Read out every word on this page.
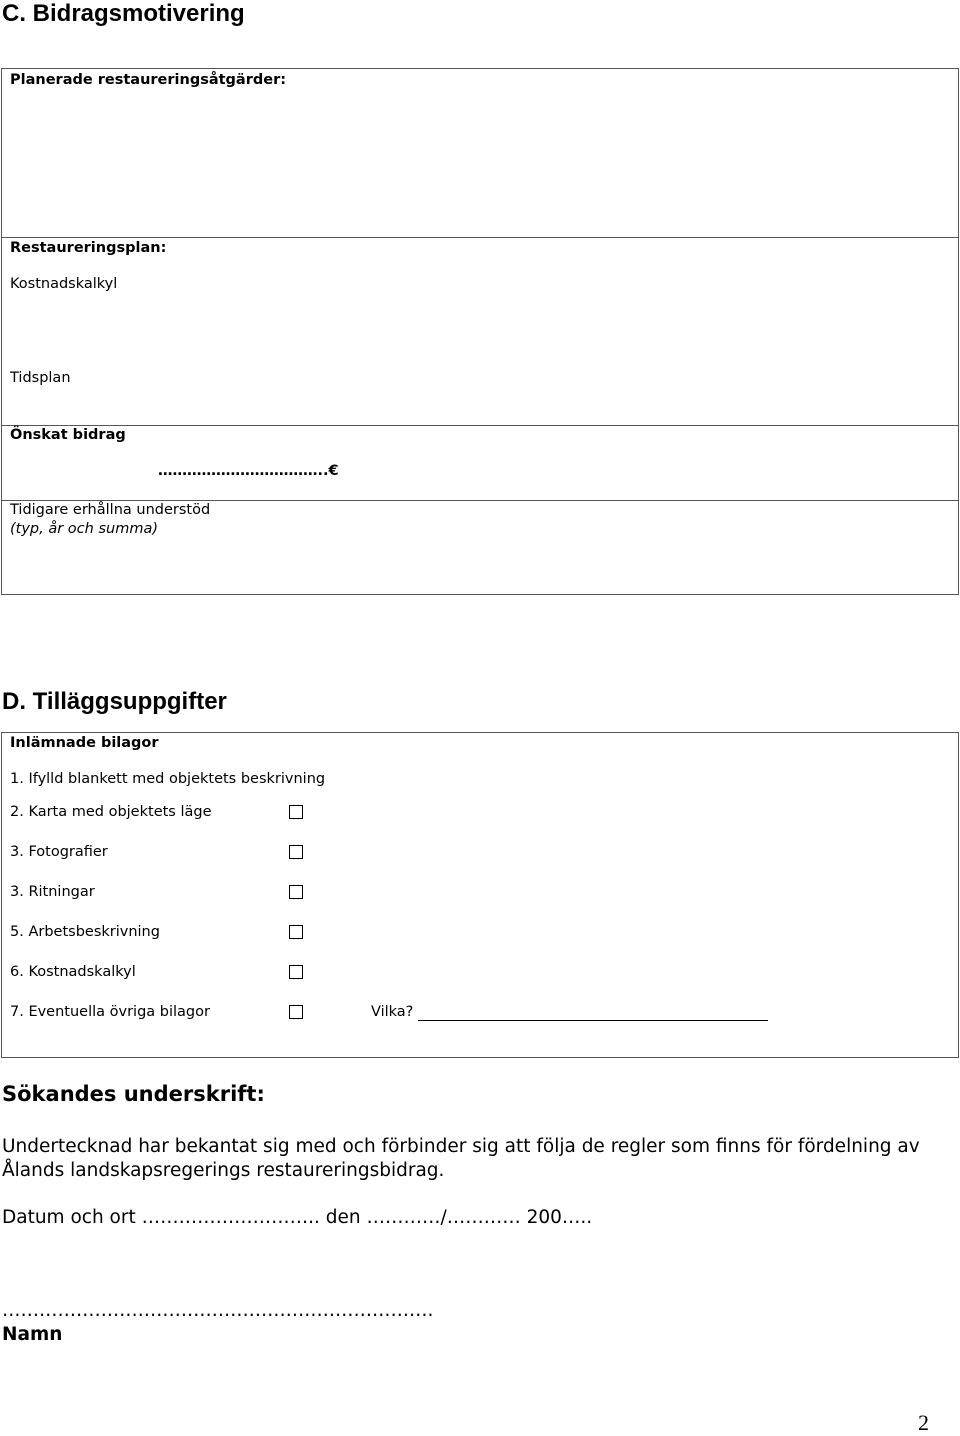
C. Bidragsmotivering
Planerade restaureringsåtgärder:
Restaureringsplan:
Kostnadskalkyl
Tidsplan
Önskat bidrag
……………………………..€
Tidigare erhållna understöd
(typ, år och summa)
D. Tilläggsuppgifter
Inlämnade bilagor
1. Ifylld blankett med objektets beskrivning
2. Karta med objektets läge
3. Fotografier
3. Ritningar
5. Arbetsbeskrivning
6. Kostnadskalkyl
7. Eventuella övriga bilagor	Vilka?
Sökandes underskrift:
Undertecknad har bekantat sig med och förbinder sig att följa de regler som finns för fördelning av
Ålands landskapsregerings restaureringsbidrag.
Datum och ort ……………………….. den …………/………… 200…..
…………………………………………………………….
Namn
2
